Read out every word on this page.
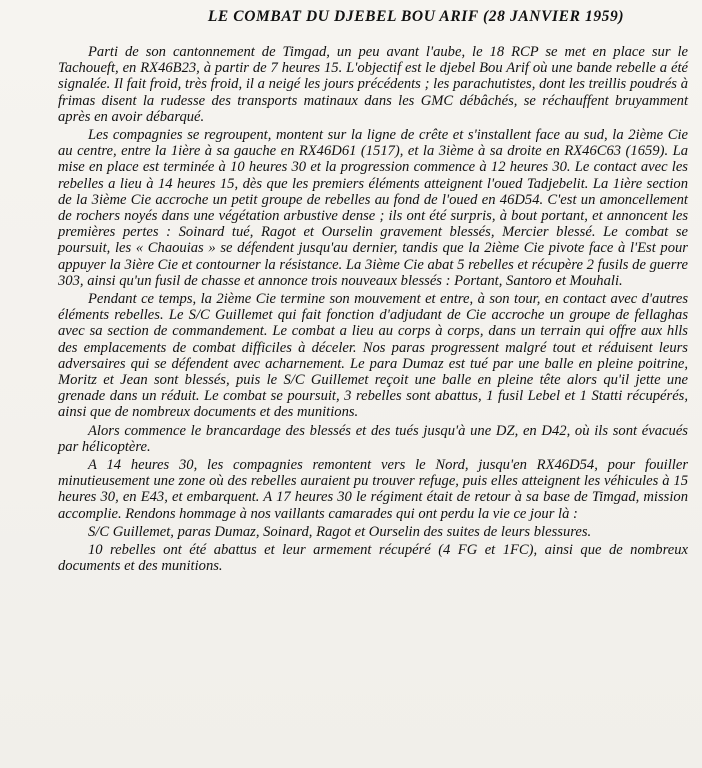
LE COMBAT DU DJEBEL BOU ARIF (28 JANVIER 1959)

Parti de son cantonnement de Timgad, un peu avant l'aube, le 18 RCP se met en place sur le Tachoueft, en RX46B23, à partir de 7 heures 15. L'objectif est le djebel Bou Arif où une bande rebelle a été signalée. Il fait froid, très froid, il a neigé les jours précédents ; les parachutistes, dont les treillis poudrés à frimas disent la rudesse des transports matinaux dans les GMC débâchés, se réchauffent bruyamment après en avoir débarqué.

Les compagnies se regroupent, montent sur la ligne de crête et s'installent face au sud, la 2ième Cie au centre, entre la 1ière à sa gauche en RX46D61 (1517), et la 3ième à sa droite en RX46C63 (1659). La mise en place est terminée à 10 heures 30 et la progression commence à 12 heures 30. Le contact avec les rebelles a lieu à 14 heures 15, dès que les premiers éléments atteignent l'oued Tadjebelit. La 1ière section de la 3ième Cie accroche un petit groupe de rebelles au fond de l'oued en 46D54. C'est un amoncellement de rochers noyés dans une végétation arbustive dense ; ils ont été surpris, à bout portant, et annoncent les premières pertes : Soinard tué, Ragot et Ourselin gravement blessés, Mercier blessé. Le combat se poursuit, les « Chaouias » se défendent jusqu'au dernier, tandis que la 2ième Cie pivote face à l'Est pour appuyer la 3ière Cie et contourner la résistance. La 3ième Cie abat 5 rebelles et récupère 2 fusils de guerre 303, ainsi qu'un fusil de chasse et annonce trois nouveaux blessés : Portant, Santoro et Mouhali.

Pendant ce temps, la 2ième Cie termine son mouvement et entre, à son tour, en contact avec d'autres éléments rebelles. Le S/C Guillemet qui fait fonction d'adjudant de Cie accroche un groupe de fellaghas avec sa section de commandement. Le combat a lieu au corps à corps, dans un terrain qui offre aux hlls des emplacements de combat difficiles à déceler. Nos paras progressent malgré tout et réduisent leurs adversaires qui se défendent avec acharnement. Le para Dumaz est tué par une balle en pleine poitrine, Moritz et Jean sont blessés, puis le S/C Guillemet reçoit une balle en pleine tête alors qu'il jette une grenade dans un réduit. Le combat se poursuit, 3 rebelles sont abattus, 1 fusil Lebel et 1 Statti récupérés, ainsi que de nombreux documents et des munitions.

Alors commence le brancardage des blessés et des tués jusqu'à une DZ, en D42, où ils sont évacués par hélicoptère.

A 14 heures 30, les compagnies remontent vers le Nord, jusqu'en RX46D54, pour fouiller minutieusement une zone où des rebelles auraient pu trouver refuge, puis elles atteignent les véhicules à 15 heures 30, en E43, et embarquent. A 17 heures 30 le régiment était de retour à sa base de Timgad, mission accomplie. Rendons hommage à nos vaillants camarades qui ont perdu la vie ce jour là :

S/C Guillemet, paras Dumaz, Soinard, Ragot et Ourselin des suites de leurs blessures.

10 rebelles ont été abattus et leur armement récupéré (4 FG et 1FC), ainsi que de nombreux documents et des munitions.
